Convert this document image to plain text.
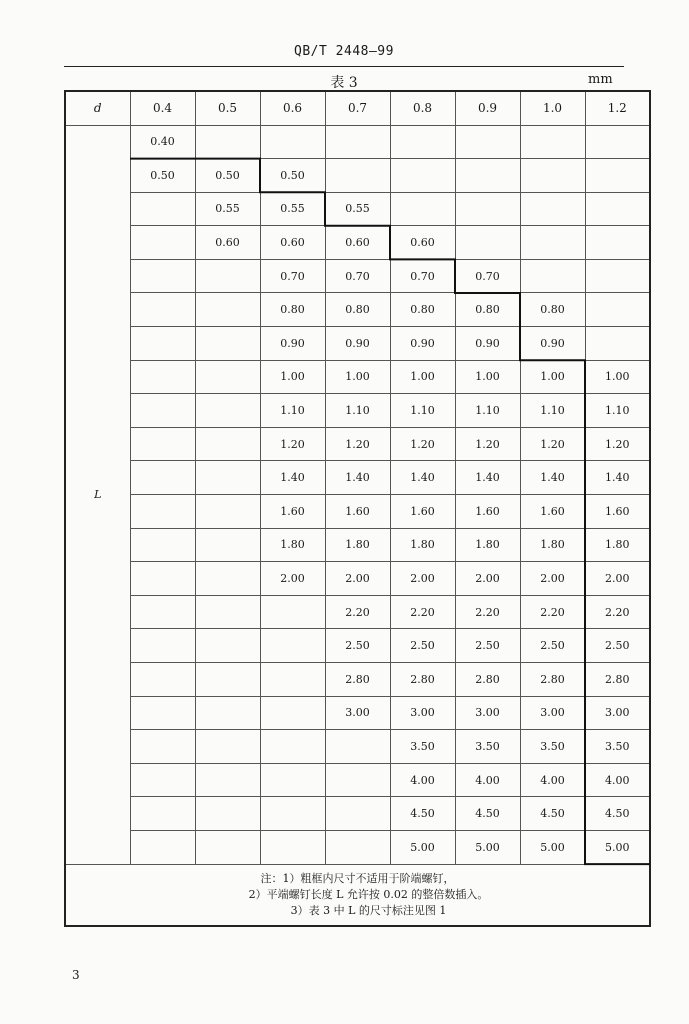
QB/T 2448—99
表 3	mm
d	0.4	0.5	0.6	0.7	0.8	0.9	1.0	1.2
L	0.40							
	0.50	0.50	0.50					
		0.55	0.55	0.55				
		0.60	0.60	0.60	0.60			
			0.70	0.70	0.70	0.70		
			0.80	0.80	0.80	0.80	0.80	
			0.90	0.90	0.90	0.90	0.90	
			1.00	1.00	1.00	1.00	1.00	1.00
			1.10	1.10	1.10	1.10	1.10	1.10
			1.20	1.20	1.20	1.20	1.20	1.20
			1.40	1.40	1.40	1.40	1.40	1.40
			1.60	1.60	1.60	1.60	1.60	1.60
			1.80	1.80	1.80	1.80	1.80	1.80
			2.00	2.00	2.00	2.00	2.00	2.00
				2.20	2.20	2.20	2.20	2.20
				2.50	2.50	2.50	2.50	2.50
				2.80	2.80	2.80	2.80	2.80
				3.00	3.00	3.00	3.00	3.00
					3.50	3.50	3.50	3.50
					4.00	4.00	4.00	4.00
					4.50	4.50	4.50	4.50
					5.00	5.00	5.00	5.00

注：1）粗框内尺寸不适用于阶端螺钉，
2）平端螺钉长度 L 允许按 0.02 的整倍数插入。
3）表 3 中 L 的尺寸标注见图 1								
3
